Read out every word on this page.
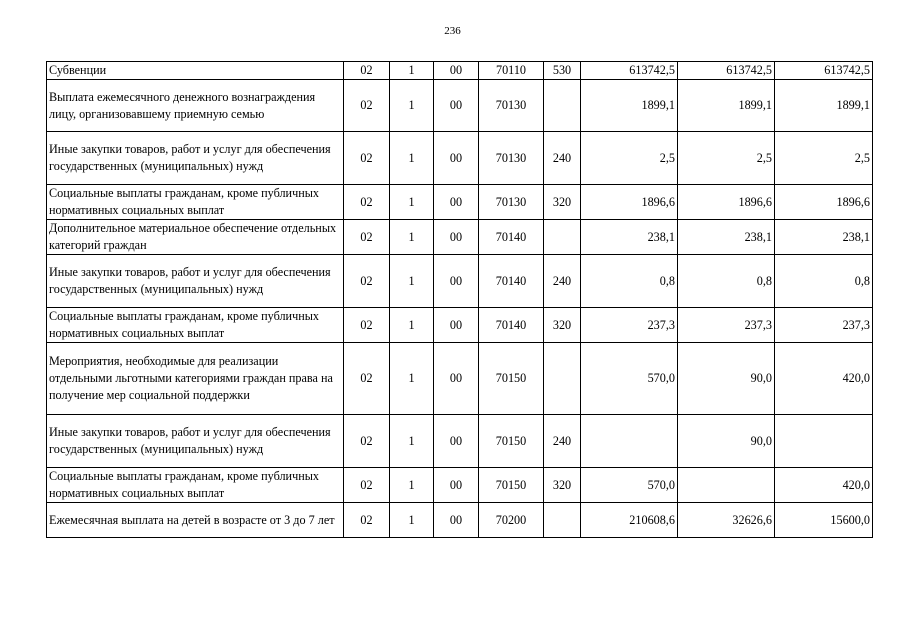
236
Субвенции	02	1	00	70110	530	613742,5	613742,5	613742,5
Выплата ежемесячного денежного вознаграждения лицу, организовавшему приемную семью	02	1	00	70130		1899,1	1899,1	1899,1
Иные закупки товаров, работ и услуг для обеспечения государственных (муниципальных) нужд	02	1	00	70130	240	2,5	2,5	2,5
Социальные выплаты гражданам, кроме публичных нормативных социальных выплат	02	1	00	70130	320	1896,6	1896,6	1896,6
Дополнительное материальное обеспечение отдельных категорий граждан	02	1	00	70140		238,1	238,1	238,1
Иные закупки товаров, работ и услуг для обеспечения государственных (муниципальных) нужд	02	1	00	70140	240	0,8	0,8	0,8
Социальные выплаты гражданам, кроме публичных нормативных социальных выплат	02	1	00	70140	320	237,3	237,3	237,3
Мероприятия, необходимые для реализации отдельными льготными категориями граждан права на получение мер социальной поддержки	02	1	00	70150		570,0	90,0	420,0
Иные закупки товаров, работ и услуг для обеспечения государственных (муниципальных) нужд	02	1	00	70150	240		90,0	
Социальные выплаты гражданам, кроме публичных нормативных социальных выплат	02	1	00	70150	320	570,0		420,0
Ежемесячная выплата на детей в возрасте от 3 до 7 лет	02	1	00	70200		210608,6	32626,6	15600,0
